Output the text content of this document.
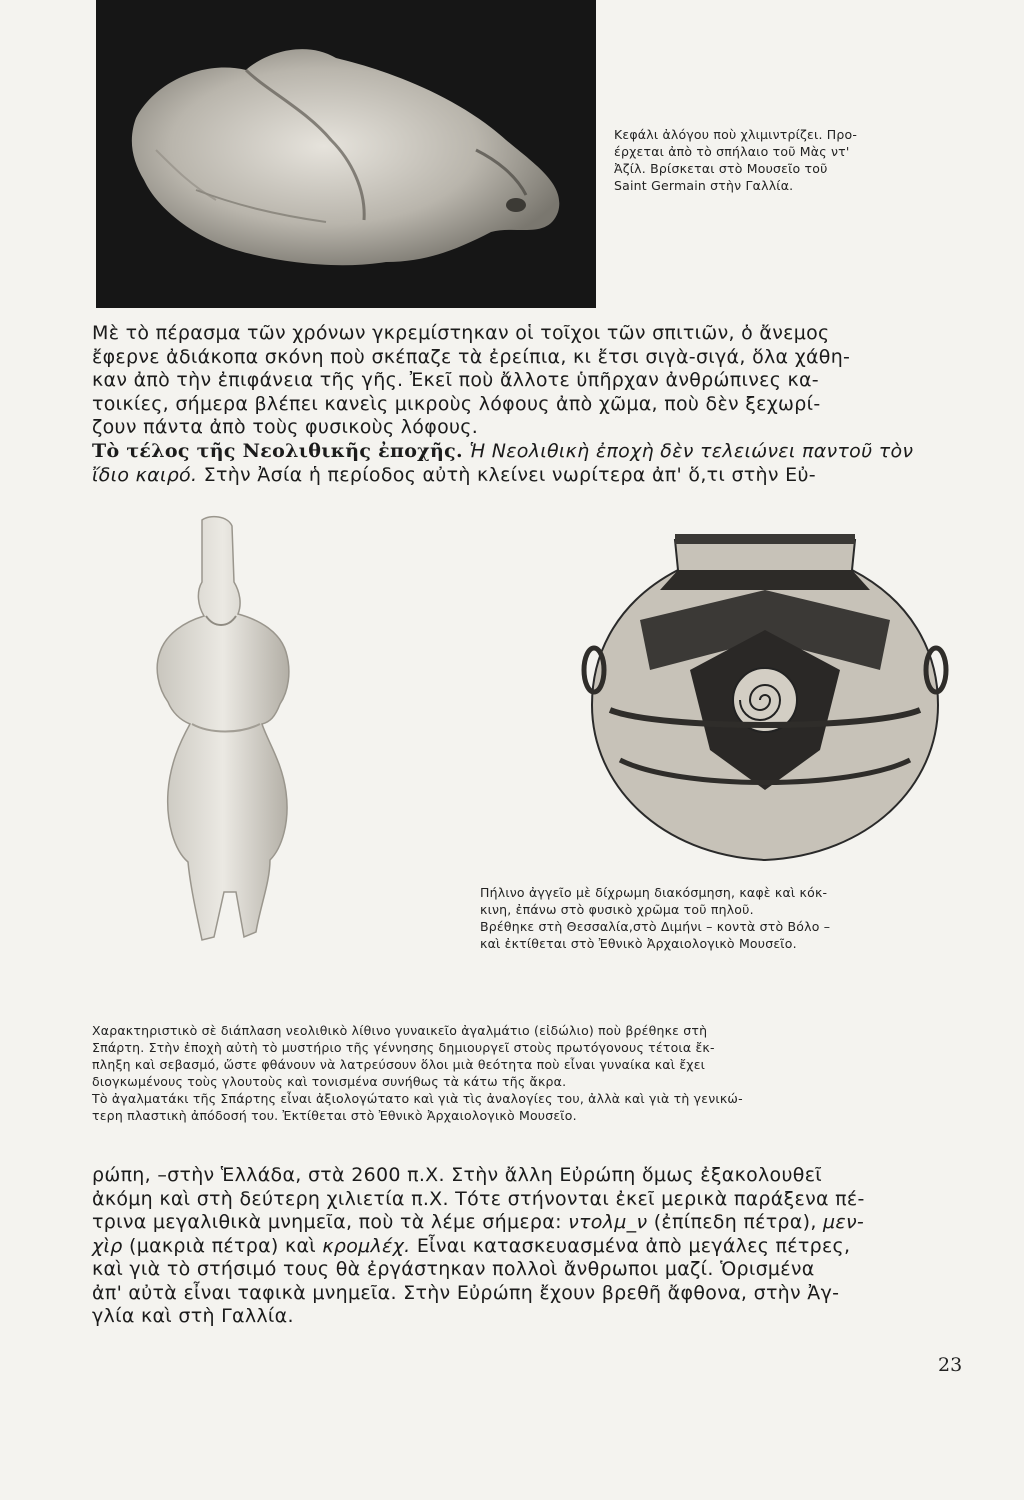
Κεφάλι ἀλόγου ποὺ χλιμιντρίζει. Προ-
έρχεται ἀπὸ τὸ σπήλαιο τοῦ Μὰς ντ'
Ἀζίλ. Βρίσκεται στὸ Μουσεῖο τοῦ
Saint Germain στὴν Γαλλία.
Μὲ τὸ πέρασμα τῶν χρόνων γκρεμίστηκαν οἱ τοῖχοι τῶν σπιτιῶν, ὁ ἄνεμος
ἔφερνε ἀδιάκοπα σκόνη ποὺ σκέπαζε τὰ ἐρείπια, κι ἔτσι σιγὰ-σιγά, ὅλα χάθη-
καν ἀπὸ τὴν ἐπιφάνεια τῆς γῆς. Ἐκεῖ ποὺ ἄλλοτε ὑπῆρχαν ἀνθρώπινες κα-
τοικίες, σήμερα βλέπει κανεὶς μικροὺς λόφους ἀπὸ χῶμα, ποὺ δὲν ξεχωρί-
ζουν πάντα ἀπὸ τοὺς φυσικοὺς λόφους.
Τὸ τέλος τῆς Νεολιθικῆς ἐποχῆς. Ἡ Νεολιθικὴ ἐποχὴ δὲν τελειώνει παντοῦ τὸν
ἴδιο καιρό. Στὴν Ἀσία ἡ περίοδος αὐτὴ κλείνει νωρίτερα ἀπ' ὅ,τι στὴν Εὐ-
Πήλινο ἀγγεῖο μὲ δίχρωμη διακόσμηση, καφὲ καὶ κόκ-
κινη, ἐπάνω στὸ φυσικὸ χρῶμα τοῦ πηλοῦ.
Βρέθηκε στὴ Θεσσαλία,στὸ Διμήνι – κοντὰ στὸ Βόλο –
καὶ ἐκτίθεται στὸ Ἐθνικὸ Ἀρχαιολογικὸ Μουσεῖο.
Χαρακτηριστικὸ σὲ διάπλαση νεολιθικὸ λίθινο γυναικεῖο ἀγαλμάτιο (εἰδώλιο) ποὺ βρέθηκε στὴ
Σπάρτη. Στὴν ἐποχὴ αὐτὴ τὸ μυστήριο τῆς γέννησης δημιουργεῖ στοὺς πρωτόγονους τέτοια ἔκ-
πληξη καὶ σεβασμό, ὥστε φθάνουν νὰ λατρεύσουν ὅλοι μιὰ θεότητα ποὺ εἶναι γυναίκα καὶ ἔχει
διογκωμένους τοὺς γλουτοὺς καὶ τονισμένα συνήθως τὰ κάτω τῆς ἄκρα.
Τὸ ἀγαλματάκι τῆς Σπάρτης εἶναι ἀξιολογώτατο καὶ γιὰ τὶς ἀναλογίες του, ἀλλὰ καὶ γιὰ τὴ γενικώ-
τερη πλαστικὴ ἀπόδοσή του. Ἐκτίθεται στὸ Ἐθνικὸ Ἀρχαιολογικὸ Μουσεῖο.
ρώπη, –στὴν Ἑλλάδα, στὰ 2600 π.Χ. Στὴν ἄλλη Εὐρώπη ὅμως ἐξακολουθεῖ
ἀκόμη καὶ στὴ δεύτερη χιλιετία π.Χ. Τότε στήνονται ἐκεῖ μερικὰ παράξενα πέ-
τρινα μεγαλιθικὰ μνημεῖα, ποὺ τὰ λέμε σήμερα: ντολμ_ν (ἐπίπεδη πέτρα), μεν-
χὶρ (μακριὰ πέτρα) καὶ κρομλέχ. Εἶναι κατασκευασμένα ἀπὸ μεγάλες πέτρες,
καὶ γιὰ τὸ στήσιμό τους θὰ ἐργάστηκαν πολλοὶ ἄνθρωποι μαζί. Ὁρισμένα
ἀπ' αὐτὰ εἶναι ταφικὰ μνημεῖα. Στὴν Εὐρώπη ἔχουν βρεθῆ ἄφθονα, στὴν Ἀγ-
γλία καὶ στὴ Γαλλία.
23
